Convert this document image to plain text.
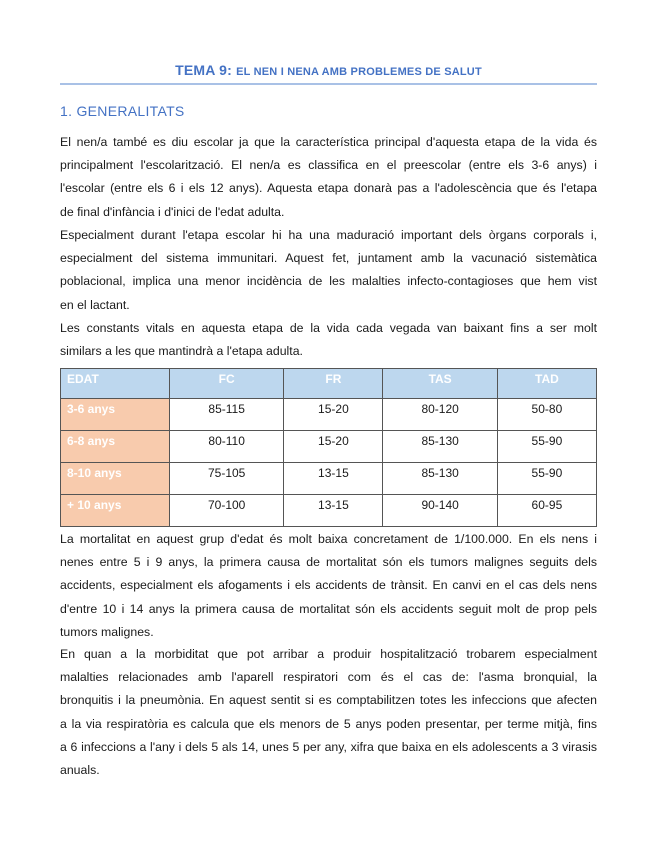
TEMA 9: EL NEN I NENA AMB PROBLEMES DE SALUT
1. GENERALITATS
El nen/a també es diu escolar ja que la característica principal d'aquesta etapa de la vida és
principalment l'escolarització. El nen/a es classifica en el preescolar (entre els 3-6 anys) i
l'escolar (entre els 6 i els 12 anys). Aquesta etapa donarà pas a l'adolescència que és l'etapa
de final d'infància i d'inici de l'edat adulta.
Especialment durant l'etapa escolar hi ha una maduració important dels òrgans corporals i,
especialment del sistema immunitari. Aquest fet, juntament amb la vacunació sistemàtica
poblacional, implica una menor incidència de les malalties infecto-contagioses que hem vist
en el lactant.
Les constants vitals en aquesta etapa de la vida cada vegada van baixant fins a ser molt
similars a les que mantindrà a l'etapa adulta.
EDAT	FC	FR	TAS	TAD
3-6 anys	85-115	15-20	80-120	50-80
6-8 anys	80-110	15-20	85-130	55-90
8-10 anys	75-105	13-15	85-130	55-90
+ 10 anys	70-100	13-15	90-140	60-95
La mortalitat en aquest grup d'edat és molt baixa concretament de 1/100.000. En els nens i
nenes entre 5 i 9 anys, la primera causa de mortalitat són els tumors malignes seguits dels
accidents, especialment els afogaments i els accidents de trànsit. En canvi en el cas dels nens
d'entre 10 i 14 anys la primera causa de mortalitat són els accidents seguit molt de prop pels
tumors malignes.
En quan a la morbiditat que pot arribar a produir hospitalització trobarem especialment
malalties relacionades amb l'aparell respiratori com és el cas de: l'asma bronquial, la
bronquitis i la pneumònia. En aquest sentit si es comptabilitzen totes les infeccions que afecten
a la via respiratòria es calcula que els menors de 5 anys poden presentar, per terme mitjà, fins
a 6 infeccions a l'any i dels 5 als 14, unes 5 per any, xifra que baixa en els adolescents a 3 virasis
anuals.
